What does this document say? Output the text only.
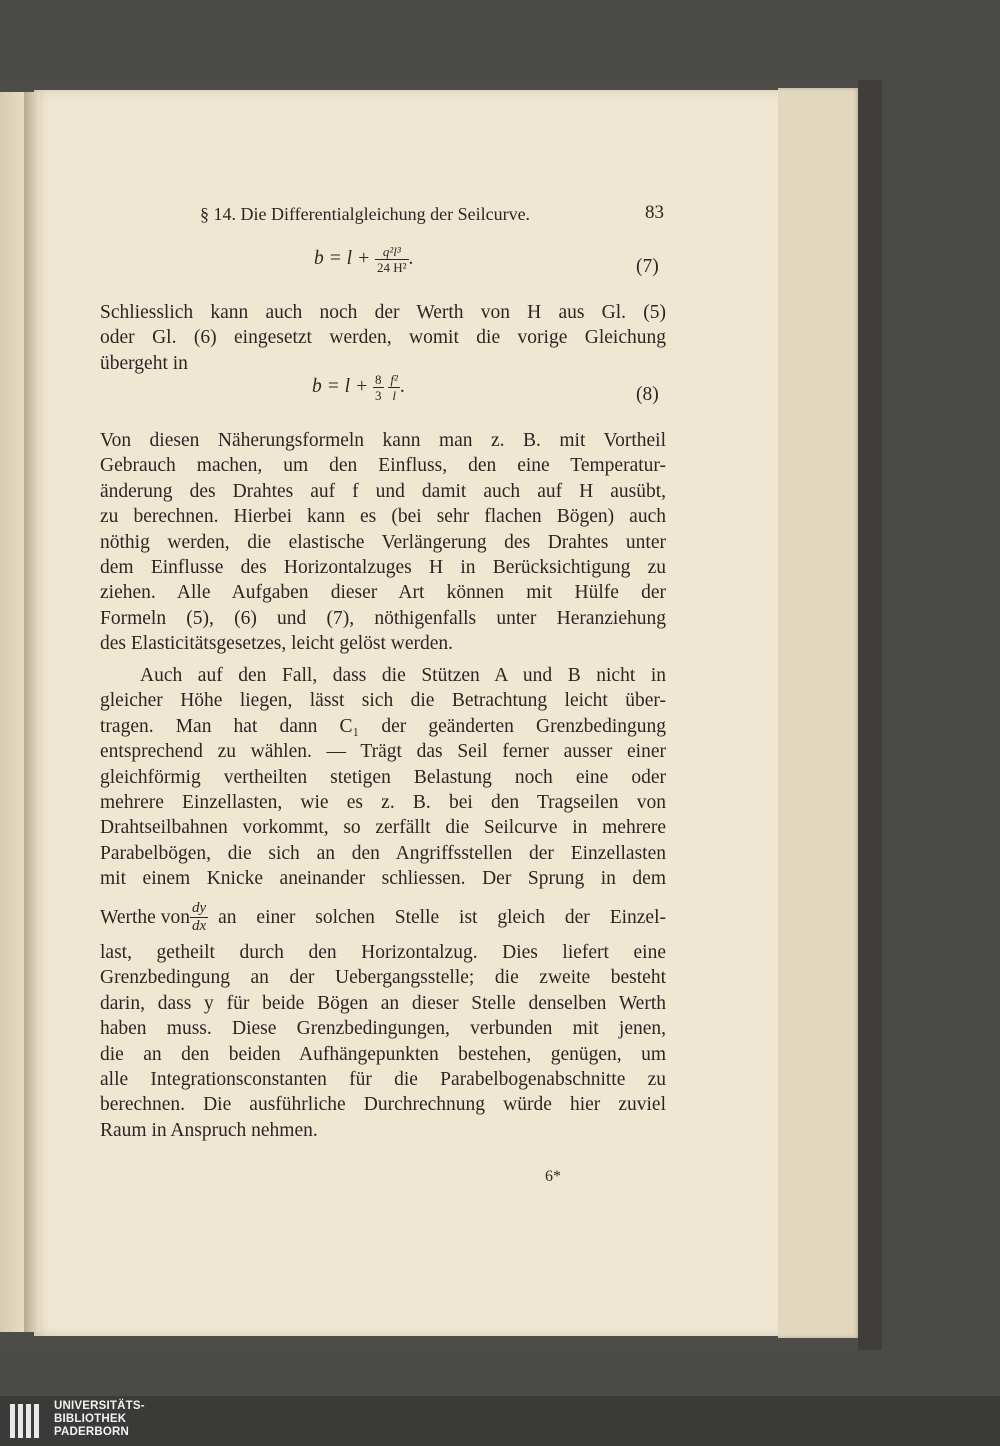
§ 14. Die Differentialgleichung der Seilcurve.	83
$b = l + \frac{\text{q²l³}}{\text{24 H²}}$ .	(7)
Schliesslich kann auch noch der Werth von H aus Gl. (5)
oder Gl. (6) eingesetzt werden, womit die vorige Gleichung
übergeht in
$b = l + \frac{8}{3}$
$\frac{\text{f²}}{l}$ .	(8)
Von diesen Näherungsformeln kann man z. B. mit Vortheil
Gebrauch machen, um den Einfluss, den eine Temperatur-
änderung des Drahtes auf f und damit auch auf H ausübt,
zu berechnen. Hierbei kann es (bei sehr flachen Bögen) auch
nöthig werden, die elastische Verlängerung des Drahtes unter
dem Einflusse des Horizontalzuges H in Berücksichtigung zu
ziehen. Alle Aufgaben dieser Art können mit Hülfe der
Formeln (5), (6) und (7), nöthigenfalls unter Heranziehung
des Elasticitätsgesetzes, leicht gelöst werden.
Auch auf den Fall, dass die Stützen A und B nicht in
gleicher Höhe liegen, lässt sich die Betrachtung leicht über-
tragen. Man hat dann C₁ der geänderten Grenzbedingung
entsprechend zu wählen. — Trägt das Seil ferner ausser einer
gleichförmig vertheilten stetigen Belastung noch eine oder
mehrere Einzellasten, wie es z. B. bei den Tragseilen von
Drahtseilbahnen vorkommt, so zerfällt die Seilcurve in mehrere
Parabelbögen, die sich an den Angriffsstellen der Einzellasten
mit einem Knicke aneinander schliessen. Der Sprung in dem
Werthe von $\frac{dy}{dx}$ an einer solchen Stelle ist gleich der Einzel-
last, getheilt durch den Horizontalzug. Dies liefert eine
Grenzbedingung an der Uebergangsstelle; die zweite besteht
darin, dass y für beide Bögen an dieser Stelle denselben Werth
haben muss. Diese Grenzbedingungen, verbunden mit jenen,
die an den beiden Aufhängepunkten bestehen, genügen, um
alle Integrationsconstanten für die Parabelbogenabschnitte zu
berechnen. Die ausführliche Durchrechnung würde hier zuviel
Raum in Anspruch nehmen.
6*
UNIVERSITÄTS-
BIBLIOTHEK
PADERBORN
